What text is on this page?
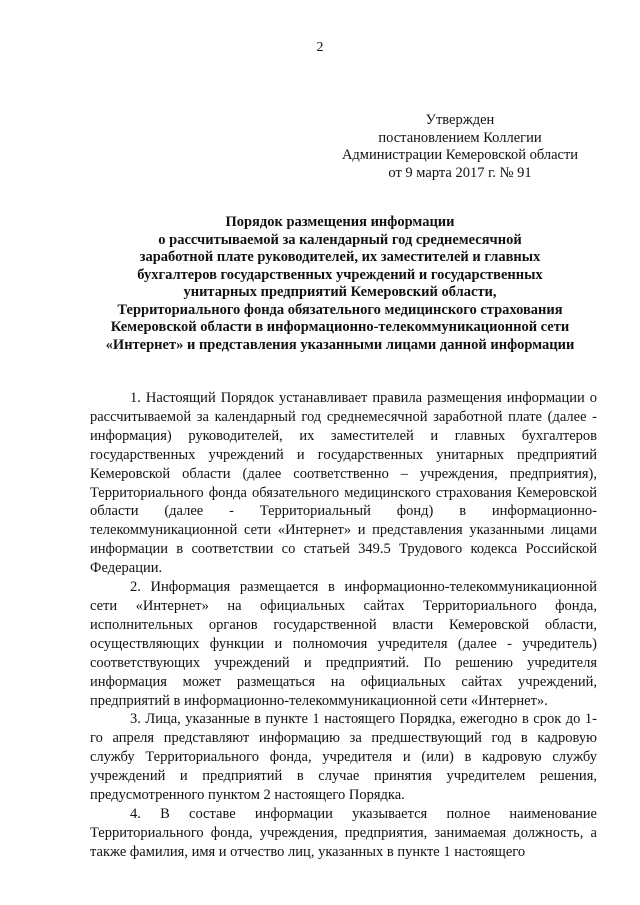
2
Утвержден
постановлением Коллегии
Администрации Кемеровской области
от 9 марта 2017 г. № 91
Порядок размещения информации
о рассчитываемой за календарный год среднемесячной
заработной плате руководителей, их заместителей и главных
бухгалтеров государственных учреждений и государственных
унитарных предприятий Кемеровский области,
Территориального фонда обязательного медицинского страхования
Кемеровской области в информационно-телекоммуникационной сети
«Интернет» и представления указанными лицами данной информации

1. Настоящий Порядок устанавливает правила размещения информации о рассчитываемой за календарный год среднемесячной заработной плате (далее - информация) руководителей, их заместителей и главных бухгалтеров государственных учреждений и государственных унитарных предприятий Кемеровской области (далее соответственно – учреждения, предприятия), Территориального фонда обязательного медицинского страхования Кемеровской области (далее - Территориальный фонд) в информационно-телекоммуникационной сети «Интернет» и представления указанными лицами информации в соответствии со статьей 349.5 Трудового кодекса Российской Федерации.

2. Информация размещается в информационно-телекоммуникационной сети «Интернет» на официальных сайтах Территориального фонда, исполнительных органов государственной власти Кемеровской области, осуществляющих функции и полномочия учредителя (далее - учредитель) соответствующих учреждений и предприятий. По решению учредителя информация может размещаться на официальных сайтах учреждений, предприятий в информационно-телекоммуникационной сети «Интернет».

3. Лица, указанные в пункте 1 настоящего Порядка, ежегодно в срок до 1-го апреля представляют информацию за предшествующий год в кадровую службу Территориального фонда, учредителя и (или) в кадровую службу учреждений и предприятий в случае принятия учредителем решения, предусмотренного пунктом 2 настоящего Порядка.

4. В составе информации указывается полное наименование Территориального фонда, учреждения, предприятия, занимаемая должность, а также фамилия, имя и отчество лиц, указанных в пункте 1 настоящего
